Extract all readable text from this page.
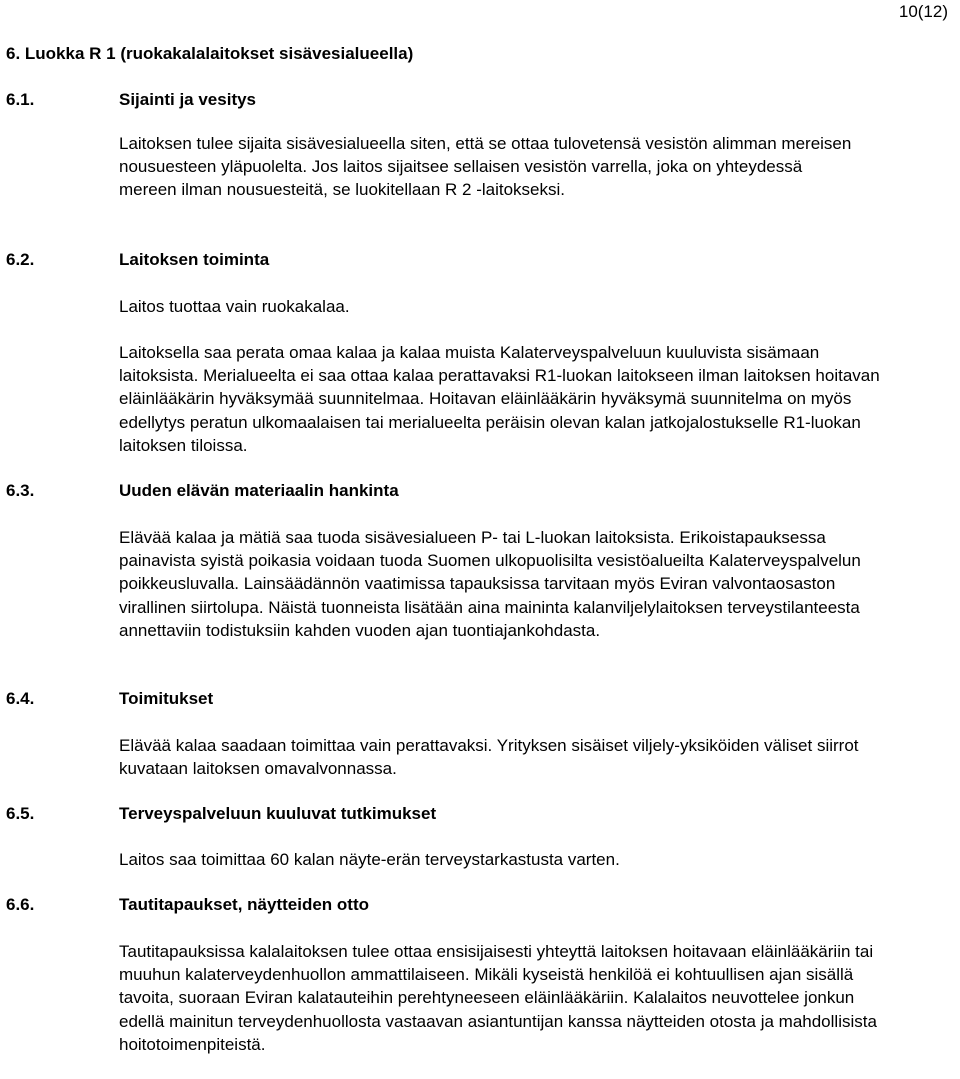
10(12)
6. Luokka R 1 (ruokakalalaitokset sisävesialueella)
6.1.	Sijainti ja vesitys
Laitoksen tulee sijaita sisävesialueella siten, että se ottaa tulovetensä vesistön alimman mereisen nousuesteen yläpuolelta. Jos laitos sijaitsee sellaisen vesistön varrella, joka on yhteydessä mereen ilman nousuesteitä, se luokitellaan R 2 -laitokseksi.
6.2.	Laitoksen toiminta
Laitos tuottaa vain ruokakalaa.
Laitoksella saa perata omaa kalaa ja kalaa muista Kalaterveyspalveluun kuuluvista sisämaan laitoksista. Merialueelta ei saa ottaa kalaa perattavaksi R1-luokan laitokseen ilman laitoksen hoitavan eläinlääkärin hyväksymää suunnitelmaa. Hoitavan eläinlääkärin hyväksymä suunnitelma on myös edellytys peratun ulkomaalaisen tai merialueelta peräisin olevan kalan jatkojalostukselle R1-luokan laitoksen tiloissa.
6.3.	Uuden elävän materiaalin hankinta
Elävää kalaa ja mätiä saa tuoda sisävesialueen P- tai L-luokan laitoksista. Erikoistapauksessa painavista syistä poikasia voidaan tuoda Suomen ulkopuolisilta vesistöalueilta Kalaterveyspalvelun poikkeusluvalla. Lainsäädännön vaatimissa tapauksissa tarvitaan myös Eviran valvontaosaston virallinen siirtolupa. Näistä tuonneista lisätään aina maininta kalanviljelylaitoksen terveystilanteesta annettaviin todistuksiin kahden vuoden ajan tuontiajankohdasta.
6.4.	Toimitukset
Elävää kalaa saadaan toimittaa vain perattavaksi. Yrityksen sisäiset viljely-yksiköiden väliset siirrot kuvataan laitoksen omavalvonnassa.
6.5.	Terveyspalveluun kuuluvat tutkimukset
Laitos saa toimittaa 60 kalan näyte-erän terveystarkastusta varten.
6.6.	Tautitapaukset, näytteiden otto
Tautitapauksissa kalalaitoksen tulee ottaa ensisijaisesti yhteyttä laitoksen hoitavaan eläinlääkäriin tai muuhun kalaterveydenhuollon ammattilaiseen. Mikäli kyseistä henkilöä ei kohtuullisen ajan sisällä tavoita, suoraan Eviran kalatauteihin perehtyneeseen eläinlääkäriin. Kalalaitos neuvottelee jonkun edellä mainitun terveydenhuollosta vastaavan asiantuntijan kanssa näytteiden otosta ja mahdollisista hoitotoimenpiteistä.
